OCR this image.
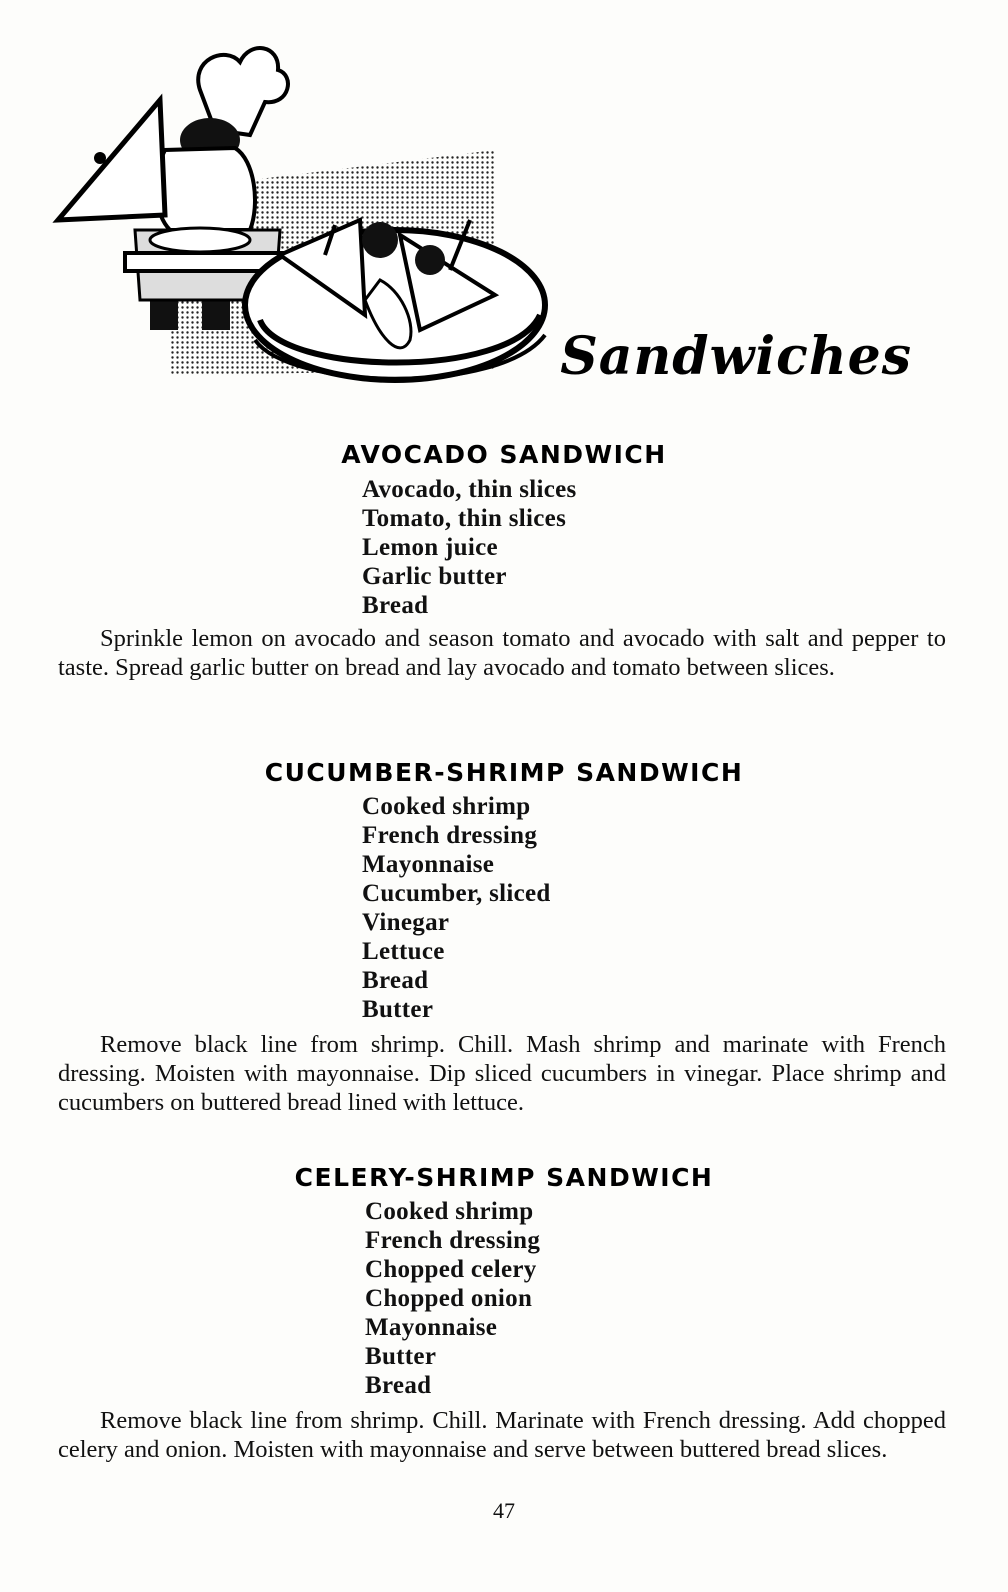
Sandwiches
AVOCADO SANDWICH
Avocado, thin slices
Tomato, thin slices
Lemon juice
Garlic butter
Bread

Sprinkle lemon on avocado and season tomato and avocado with salt and pepper to taste. Spread garlic butter on bread and lay avocado and tomato between slices.

CUCUMBER-SHRIMP SANDWICH
Cooked shrimp
French dressing
Mayonnaise
Cucumber, sliced
Vinegar
Lettuce
Bread
Butter

Remove black line from shrimp. Chill. Mash shrimp and marinate with French dressing. Moisten with mayonnaise. Dip sliced cucumbers in vinegar. Place shrimp and cucumbers on buttered bread lined with lettuce.

CELERY-SHRIMP SANDWICH
Cooked shrimp
French dressing
Chopped celery
Chopped onion
Mayonnaise
Butter
Bread

Remove black line from shrimp. Chill. Marinate with French dressing. Add chopped celery and onion. Moisten with mayonnaise and serve between buttered bread slices.

47
